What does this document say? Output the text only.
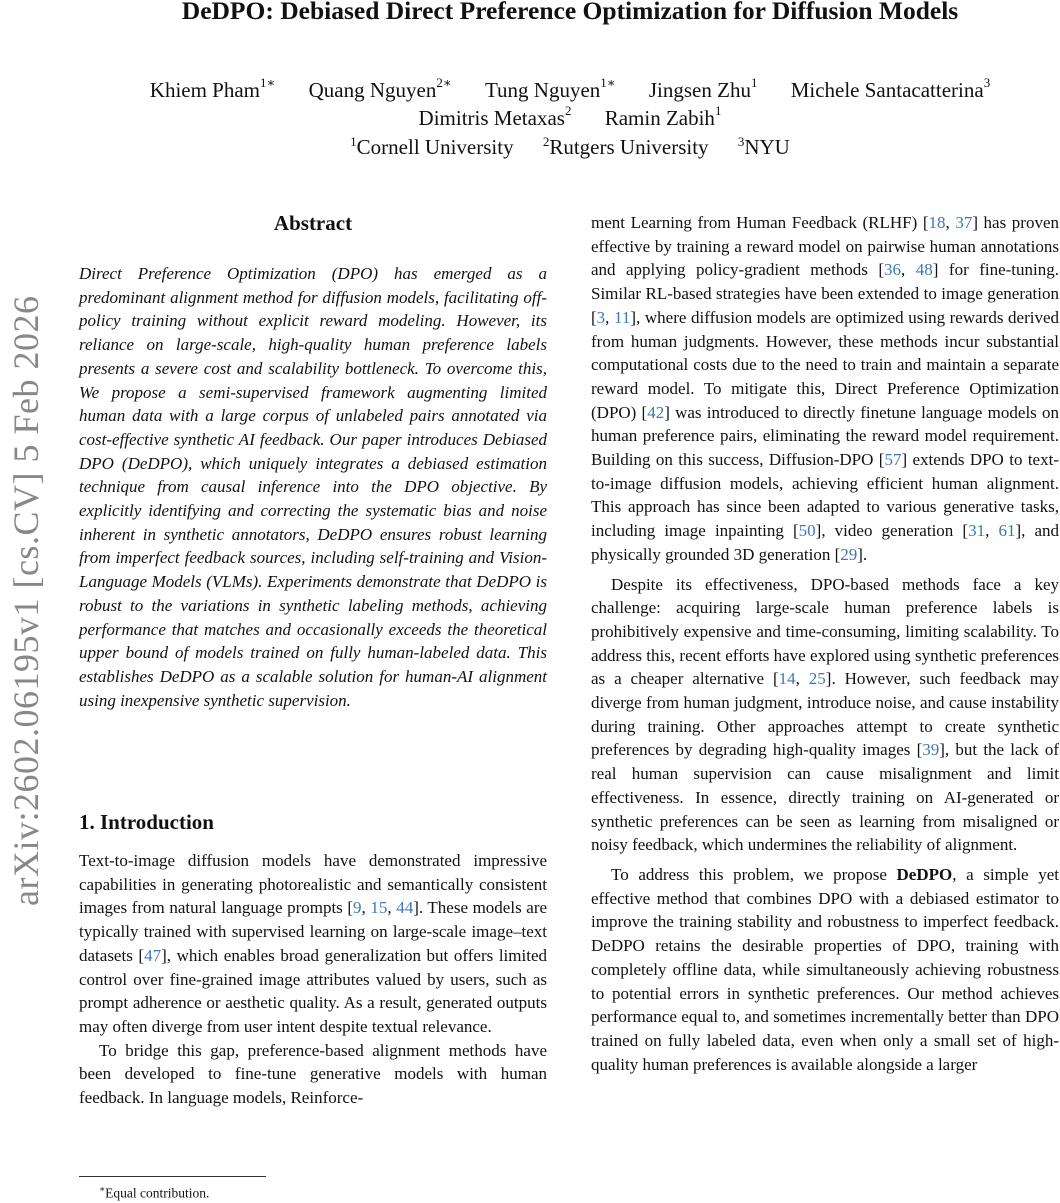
DeDPO: Debiased Direct Preference Optimization for Diffusion Models

Khiem Pham$^{1∗}$ Quang Nguyen$^{2∗}$ Tung Nguyen$^{1∗}$ Jingsen Zhu$^1$ Michele Santacatterina$^3$

Dimitris Metaxas$^2$ Ramin Zabih$^1$

$^1$Cornell University $^2$Rutgers University $^3$NYU

arXiv:2602.06195v1 [cs.CV] 5 Feb 2026
Abstract

Direct Preference Optimization (DPO) has emerged as a predominant alignment method for diffusion models, facilitating off-policy training without explicit reward modeling. However, its reliance on large-scale, high-quality human preference labels presents a severe cost and scalability bottleneck. To overcome this, We propose a semi-supervised framework augmenting limited human data with a large corpus of unlabeled pairs annotated via cost-effective synthetic AI feedback. Our paper introduces Debiased DPO (DeDPO), which uniquely integrates a debiased estimation technique from causal inference into the DPO objective. By explicitly identifying and correcting the systematic bias and noise inherent in synthetic annotators, DeDPO ensures robust learning from imperfect feedback sources, including self-training and Vision-Language Models (VLMs). Experiments demonstrate that DeDPO is robust to the variations in synthetic labeling methods, achieving performance that matches and occasionally exceeds the theoretical upper bound of models trained on fully human-labeled data. This establishes DeDPO as a scalable solution for human-AI alignment using inexpensive synthetic supervision.

1. Introduction

Text-to-image diffusion models have demonstrated impressive capabilities in generating photorealistic and semantically consistent images from natural language prompts [9, 15, 44]. These models are typically trained with supervised learning on large-scale image–text datasets [47], which enables broad generalization but offers limited control over fine-grained image attributes valued by users, such as prompt adherence or aesthetic quality. As a result, generated outputs may often diverge from user intent despite textual relevance.

To bridge this gap, preference-based alignment methods have been developed to fine-tune generative models with human feedback. In language models, Reinforce-

ment Learning from Human Feedback (RLHF) [18, 37] has proven effective by training a reward model on pairwise human annotations and applying policy-gradient methods [36, 48] for fine-tuning. Similar RL-based strategies have been extended to image generation [3, 11], where diffusion models are optimized using rewards derived from human judgments. However, these methods incur substantial computational costs due to the need to train and maintain a separate reward model. To mitigate this, Direct Preference Optimization (DPO) [42] was introduced to directly finetune language models on human preference pairs, eliminating the reward model requirement. Building on this success, Diffusion-DPO [57] extends DPO to text-to-image diffusion models, achieving efficient human alignment. This approach has since been adapted to various generative tasks, including image inpainting [50], video generation [31, 61], and physically grounded 3D generation [29].

Despite its effectiveness, DPO-based methods face a key challenge: acquiring large-scale human preference labels is prohibitively expensive and time-consuming, limiting scalability. To address this, recent efforts have explored using synthetic preferences as a cheaper alternative [14, 25]. However, such feedback may diverge from human judgment, introduce noise, and cause instability during training. Other approaches attempt to create synthetic preferences by degrading high-quality images [39], but the lack of real human supervision can cause misalignment and limit effectiveness. In essence, directly training on AI-generated or synthetic preferences can be seen as learning from misaligned or noisy feedback, which undermines the reliability of alignment.

To address this problem, we propose DeDPO, a simple yet effective method that combines DPO with a debiased estimator to improve the training stability and robustness to imperfect feedback. DeDPO retains the desirable properties of DPO, training with completely offline data, while simultaneously achieving robustness to potential errors in synthetic preferences. Our method achieves performance equal to, and sometimes incrementally better than DPO trained on fully labeled data, even when only a small set of high-quality human preferences is available alongside a larger

∗Equal contribution.
